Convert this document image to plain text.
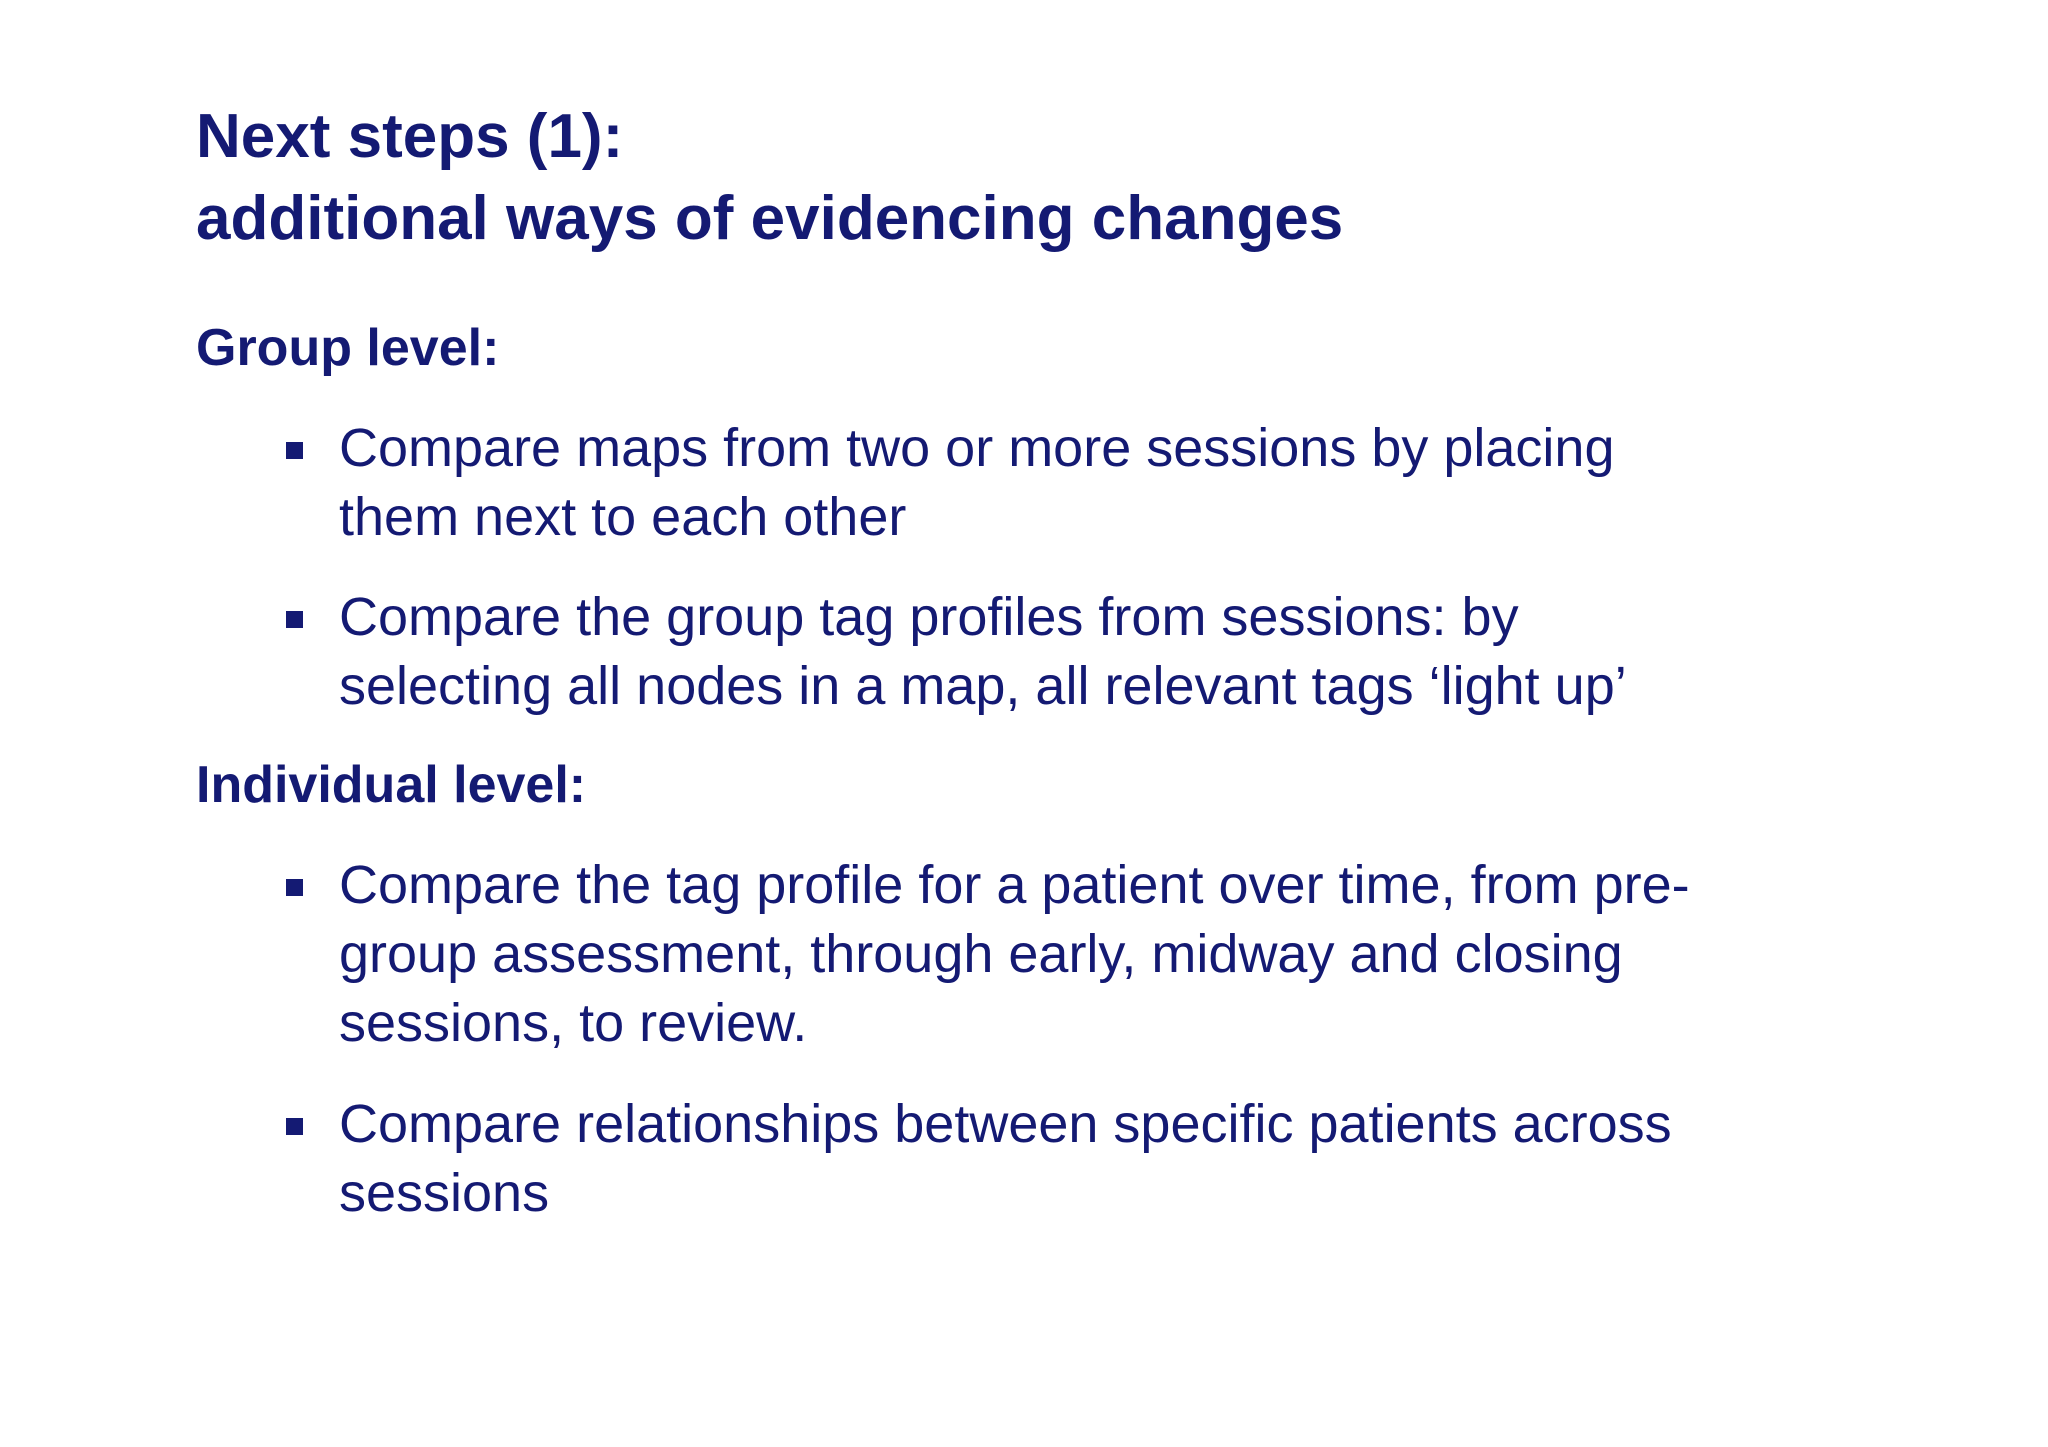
Next steps (1):
additional ways of evidencing changes
Group level:
Compare maps from two or more sessions by placing
them next to each other
Compare the group tag profiles from sessions: by
selecting all nodes in a map, all relevant tags ‘light up’
Individual level:
Compare the tag profile for a patient over time, from pre-
group assessment, through early, midway and closing
sessions, to review.
Compare relationships between specific patients across
sessions
